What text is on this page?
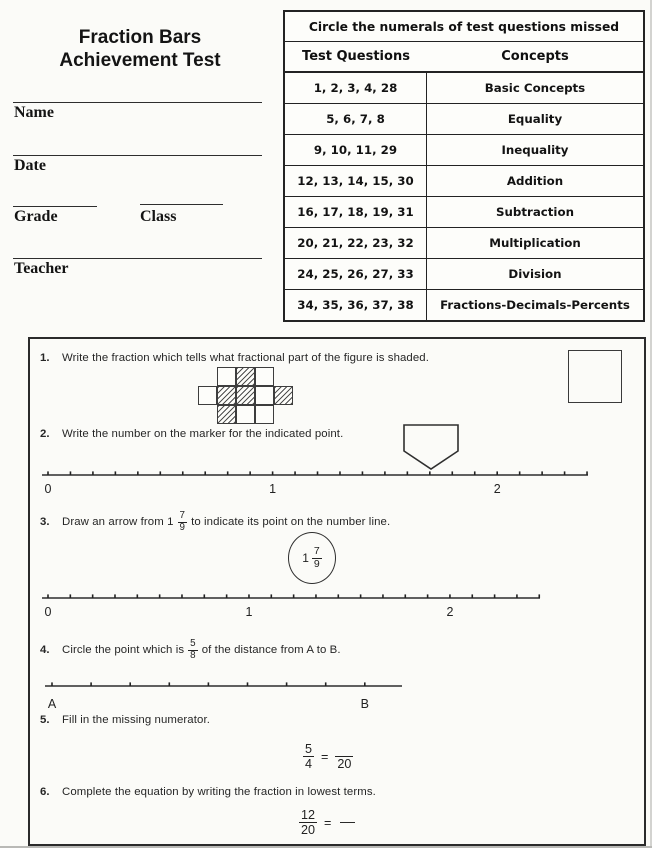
Fraction Bars
Achievement Test
Name
Date
Grade	Class
Teacher
Circle the numerals of test questions missed
Test Questions	Concepts
1, 2, 3, 4, 28	Basic Concepts
5, 6, 7, 8	Equality
9, 10, 11, 29	Inequality
12, 13, 14, 15, 30	Addition
16, 17, 18, 19, 31	Subtraction
20, 21, 22, 23, 32	Multiplication
24, 25, 26, 27, 33	Division
34, 35, 36, 37, 38	Fractions-Decimals-Percents
1.	Write the fraction which tells what fractional part of the figure is shaded.
2.	Write the number on the marker for the indicated point.
0	1	2
3.	Draw an arrow from $1 \frac{7}{9}$ to indicate its point on the number line.
$1 \frac{7}{9}$
0	1	2
4.	Circle the point which is $\frac{5}{8}$ of the distance from A to B.
A	B
5.	Fill in the missing numerator.
$\frac{5}{4} = 20$
6.	Complete the equation by writing the fraction in lowest terms.
$\frac{12}{20}$ =
